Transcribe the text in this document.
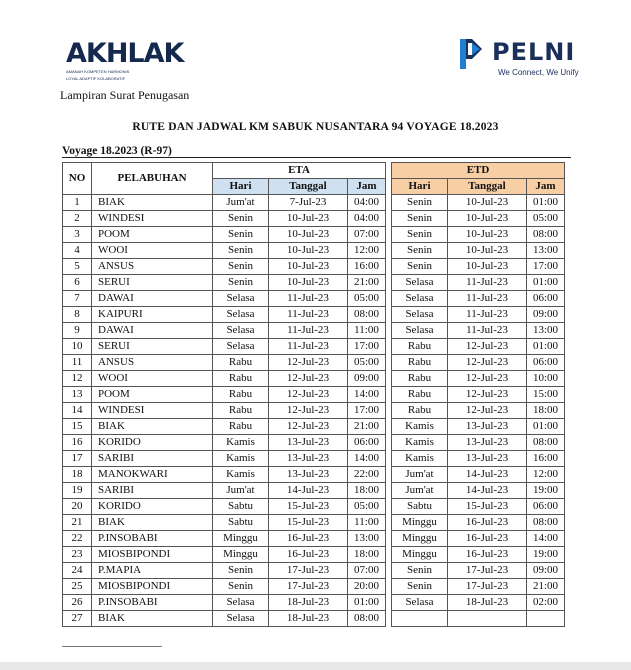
AKHLAK
AMANAH KOMPETEN HARMONIS
LOYAL ADAPTIF KOLABORATIF
PELNI
We Connect, We Unify
Lampiran Surat Penugasan
RUTE DAN JADWAL KM SABUK NUSANTARA 94 VOYAGE 18.2023
Voyage 18.2023 (R-97)
NO	PELABUHAN	ETA				ETD		
		Hari	Tanggal	Jam		Hari	Tanggal	Jam
1	BIAK	Jum'at	7-Jul-23	04:00		Senin	10-Jul-23	01:00
2	WINDESI	Senin	10-Jul-23	04:00		Senin	10-Jul-23	05:00
3	POOM	Senin	10-Jul-23	07:00		Senin	10-Jul-23	08:00
4	WOOI	Senin	10-Jul-23	12:00		Senin	10-Jul-23	13:00
5	ANSUS	Senin	10-Jul-23	16:00		Senin	10-Jul-23	17:00
6	SERUI	Senin	10-Jul-23	21:00		Selasa	11-Jul-23	01:00
7	DAWAI	Selasa	11-Jul-23	05:00		Selasa	11-Jul-23	06:00
8	KAIPURI	Selasa	11-Jul-23	08:00		Selasa	11-Jul-23	09:00
9	DAWAI	Selasa	11-Jul-23	11:00		Selasa	11-Jul-23	13:00
10	SERUI	Selasa	11-Jul-23	17:00		Rabu	12-Jul-23	01:00
11	ANSUS	Rabu	12-Jul-23	05:00		Rabu	12-Jul-23	06:00
12	WOOI	Rabu	12-Jul-23	09:00		Rabu	12-Jul-23	10:00
13	POOM	Rabu	12-Jul-23	14:00		Rabu	12-Jul-23	15:00
14	WINDESI	Rabu	12-Jul-23	17:00		Rabu	12-Jul-23	18:00
15	BIAK	Rabu	12-Jul-23	21:00		Kamis	13-Jul-23	01:00
16	KORIDO	Kamis	13-Jul-23	06:00		Kamis	13-Jul-23	08:00
17	SARIBI	Kamis	13-Jul-23	14:00		Kamis	13-Jul-23	16:00
18	MANOKWARI	Kamis	13-Jul-23	22:00		Jum'at	14-Jul-23	12:00
19	SARIBI	Jum'at	14-Jul-23	18:00		Jum'at	14-Jul-23	19:00
20	KORIDO	Sabtu	15-Jul-23	05:00		Sabtu	15-Jul-23	06:00
21	BIAK	Sabtu	15-Jul-23	11:00		Minggu	16-Jul-23	08:00
22	P.INSOBABI	Minggu	16-Jul-23	13:00		Minggu	16-Jul-23	14:00
23	MIOSBIPONDI	Minggu	16-Jul-23	18:00		Minggu	16-Jul-23	19:00
24	P.MAPIA	Senin	17-Jul-23	07:00		Senin	17-Jul-23	09:00
25	MIOSBIPONDI	Senin	17-Jul-23	20:00		Senin	17-Jul-23	21:00
26	P.INSOBABI	Selasa	18-Jul-23	01:00		Selasa	18-Jul-23	02:00
27	BIAK	Selasa	18-Jul-23	08:00				
